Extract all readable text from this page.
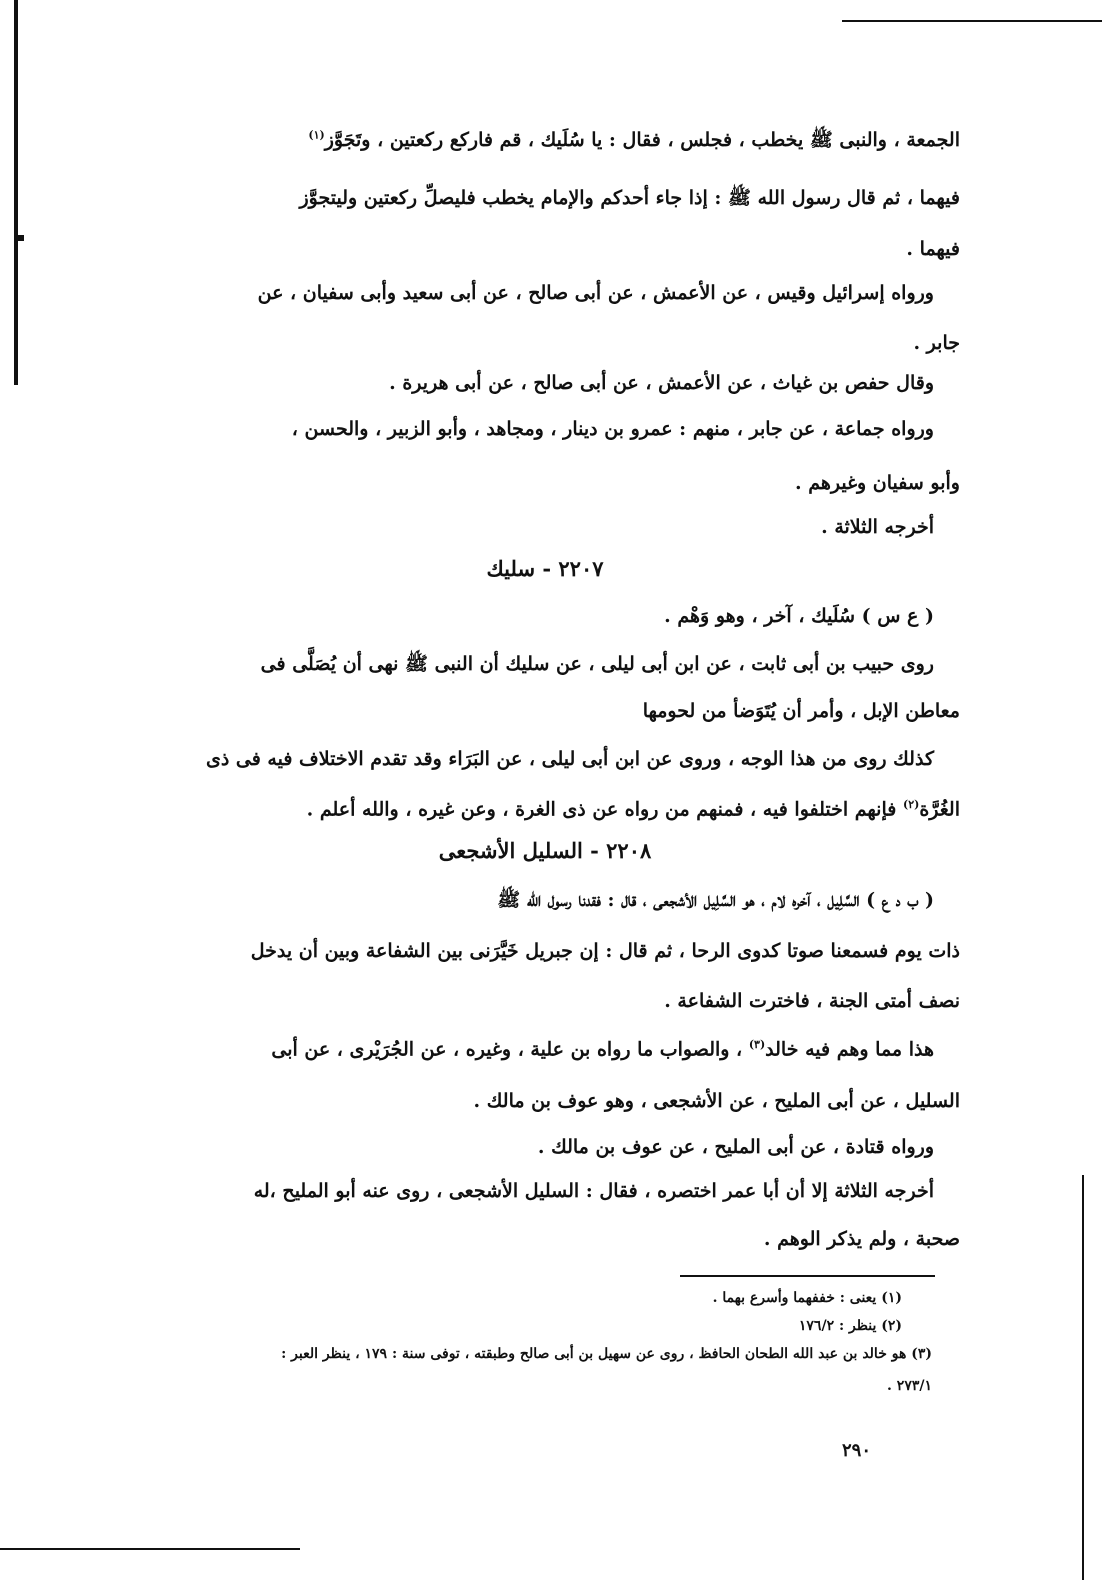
الجمعة ، والنبى ﷺ يخطب ، فجلس ، فقال : يا سُلَيك ، قم فاركع ركعتين ، وتَجَوَّز$^{(١)}$
فيهما ، ثم قال رسول الله ﷺ : إذا جاء أحدكم والإمام يخطب فليصلِّ ركعتين وليتجوَّز
فيهما .
ورواه إسرائيل وقيس ، عن الأعمش ، عن أبى صالح ، عن أبى سعيد وأبى سفيان ، عن
جابر .
وقال حفص بن غياث ، عن الأعمش ، عن أبى صالح ، عن أبى هريرة .
ورواه جماعة ، عن جابر ، منهم : عمرو بن دينار ، ومجاهد ، وأبو الزبير ، والحسن ،
وأبو سفيان وغيرهم .
أخرجه الثلاثة .
٢٢٠٧ - سليك
( ع س ) سُلَيك ، آخر ، وهو وَهْم .
روى حبيب بن أبى ثابت ، عن ابن أبى ليلى ، عن سليك أن النبى ﷺ نهى أن يُصَلَّى فى
معاطن الإبل ، وأمر أن يُتَوَضأ من لحومها
كذلك روى من هذا الوجه ، وروى عن ابن أبى ليلى ، عن البَرَاء وقد تقدم الاختلاف فيه فى ذى
الغُرَّة$^{(٢)}$ فإنهم اختلفوا فيه ، فمنهم من رواه عن ذى الغرة ، وعن غيره ، والله أعلم .
٢٢٠٨ - السليل الأشجعى
( ب د ع ) السَّلِيل ، آخره لام ، هو السَّلِيل الأشجعى ، قال : فقدنا رسول الله ﷺ
ذات يوم فسمعنا صوتا كدوى الرحا ، ثم قال : إن جبريل خَيَّرَنى بين الشفاعة وبين أن يدخل
نصف أمتى الجنة ، فاخترت الشفاعة .
هذا مما وهم فيه خالد$^{(٣)}$ ، والصواب ما رواه بن علية ، وغيره ، عن الجُرَيْرى ، عن أبى
السليل ، عن أبى المليح ، عن الأشجعى ، وهو عوف بن مالك .
ورواه قتادة ، عن أبى المليح ، عن عوف بن مالك .
أخرجه الثلاثة إلا أن أبا عمر اختصره ، فقال : السليل الأشجعى ، روى عنه أبو المليح ،له
صحبة ، ولم يذكر الوهم .
(١) يعنى : خففهما وأسرع بهما .
(٢) ينظر : ١٧٦/٢
(٣) هو خالد بن عبد الله الطحان الحافظ ، روى عن سهيل بن أبى صالح وطبقته ، توفى سنة : ١٧٩ ، ينظر العبر :
٢٧٣/١ .
٢٩٠
